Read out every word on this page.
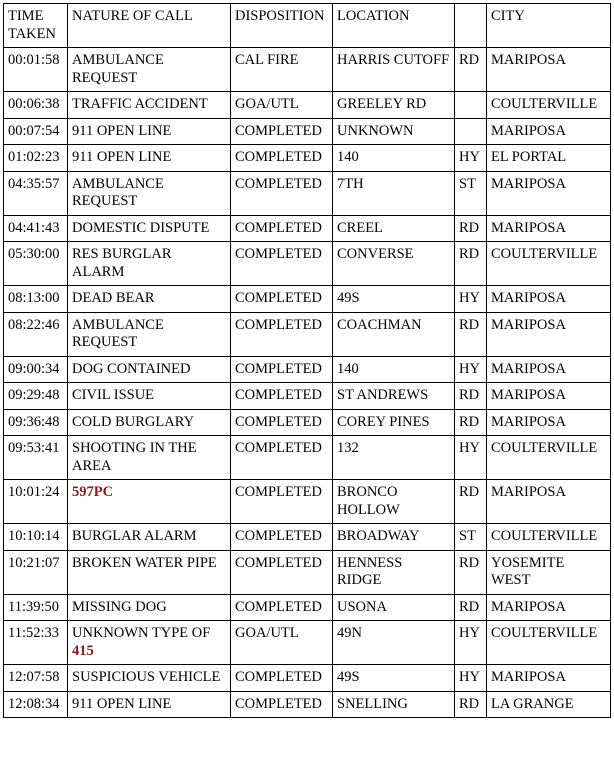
TIME TAKEN	NATURE OF CALL	DISPOSITION	LOCATION		CITY
00:01:58	AMBULANCE REQUEST	CAL FIRE	HARRIS CUTOFF	RD	MARIPOSA
00:06:38	TRAFFIC ACCIDENT	GOA/UTL	GREELEY RD		COULTERVILLE
00:07:54	911 OPEN LINE	COMPLETED	UNKNOWN		MARIPOSA
01:02:23	911 OPEN LINE	COMPLETED	140	HY	EL PORTAL
04:35:57	AMBULANCE REQUEST	COMPLETED	7TH	ST	MARIPOSA
04:41:43	DOMESTIC DISPUTE	COMPLETED	CREEL	RD	MARIPOSA
05:30:00	RES BURGLAR ALARM	COMPLETED	CONVERSE	RD	COULTERVILLE
08:13:00	DEAD BEAR	COMPLETED	49S	HY	MARIPOSA
08:22:46	AMBULANCE REQUEST	COMPLETED	COACHMAN	RD	MARIPOSA
09:00:34	DOG CONTAINED	COMPLETED	140	HY	MARIPOSA
09:29:48	CIVIL ISSUE	COMPLETED	ST ANDREWS	RD	MARIPOSA
09:36:48	COLD BURGLARY	COMPLETED	COREY PINES	RD	MARIPOSA
09:53:41	SHOOTING IN THE AREA	COMPLETED	132	HY	COULTERVILLE
10:01:24	597PC	COMPLETED	BRONCO HOLLOW	RD	MARIPOSA
10:10:14	BURGLAR ALARM	COMPLETED	BROADWAY	ST	COULTERVILLE
10:21:07	BROKEN WATER PIPE	COMPLETED	HENNESS RIDGE	RD	YOSEMITE WEST
11:39:50	MISSING DOG	COMPLETED	USONA	RD	MARIPOSA
11:52:33	UNKNOWN TYPE OF 415	GOA/UTL	49N	HY	COULTERVILLE
12:07:58	SUSPICIOUS VEHICLE	COMPLETED	49S	HY	MARIPOSA
12:08:34	911 OPEN LINE	COMPLETED	SNELLING	RD	LA GRANGE
